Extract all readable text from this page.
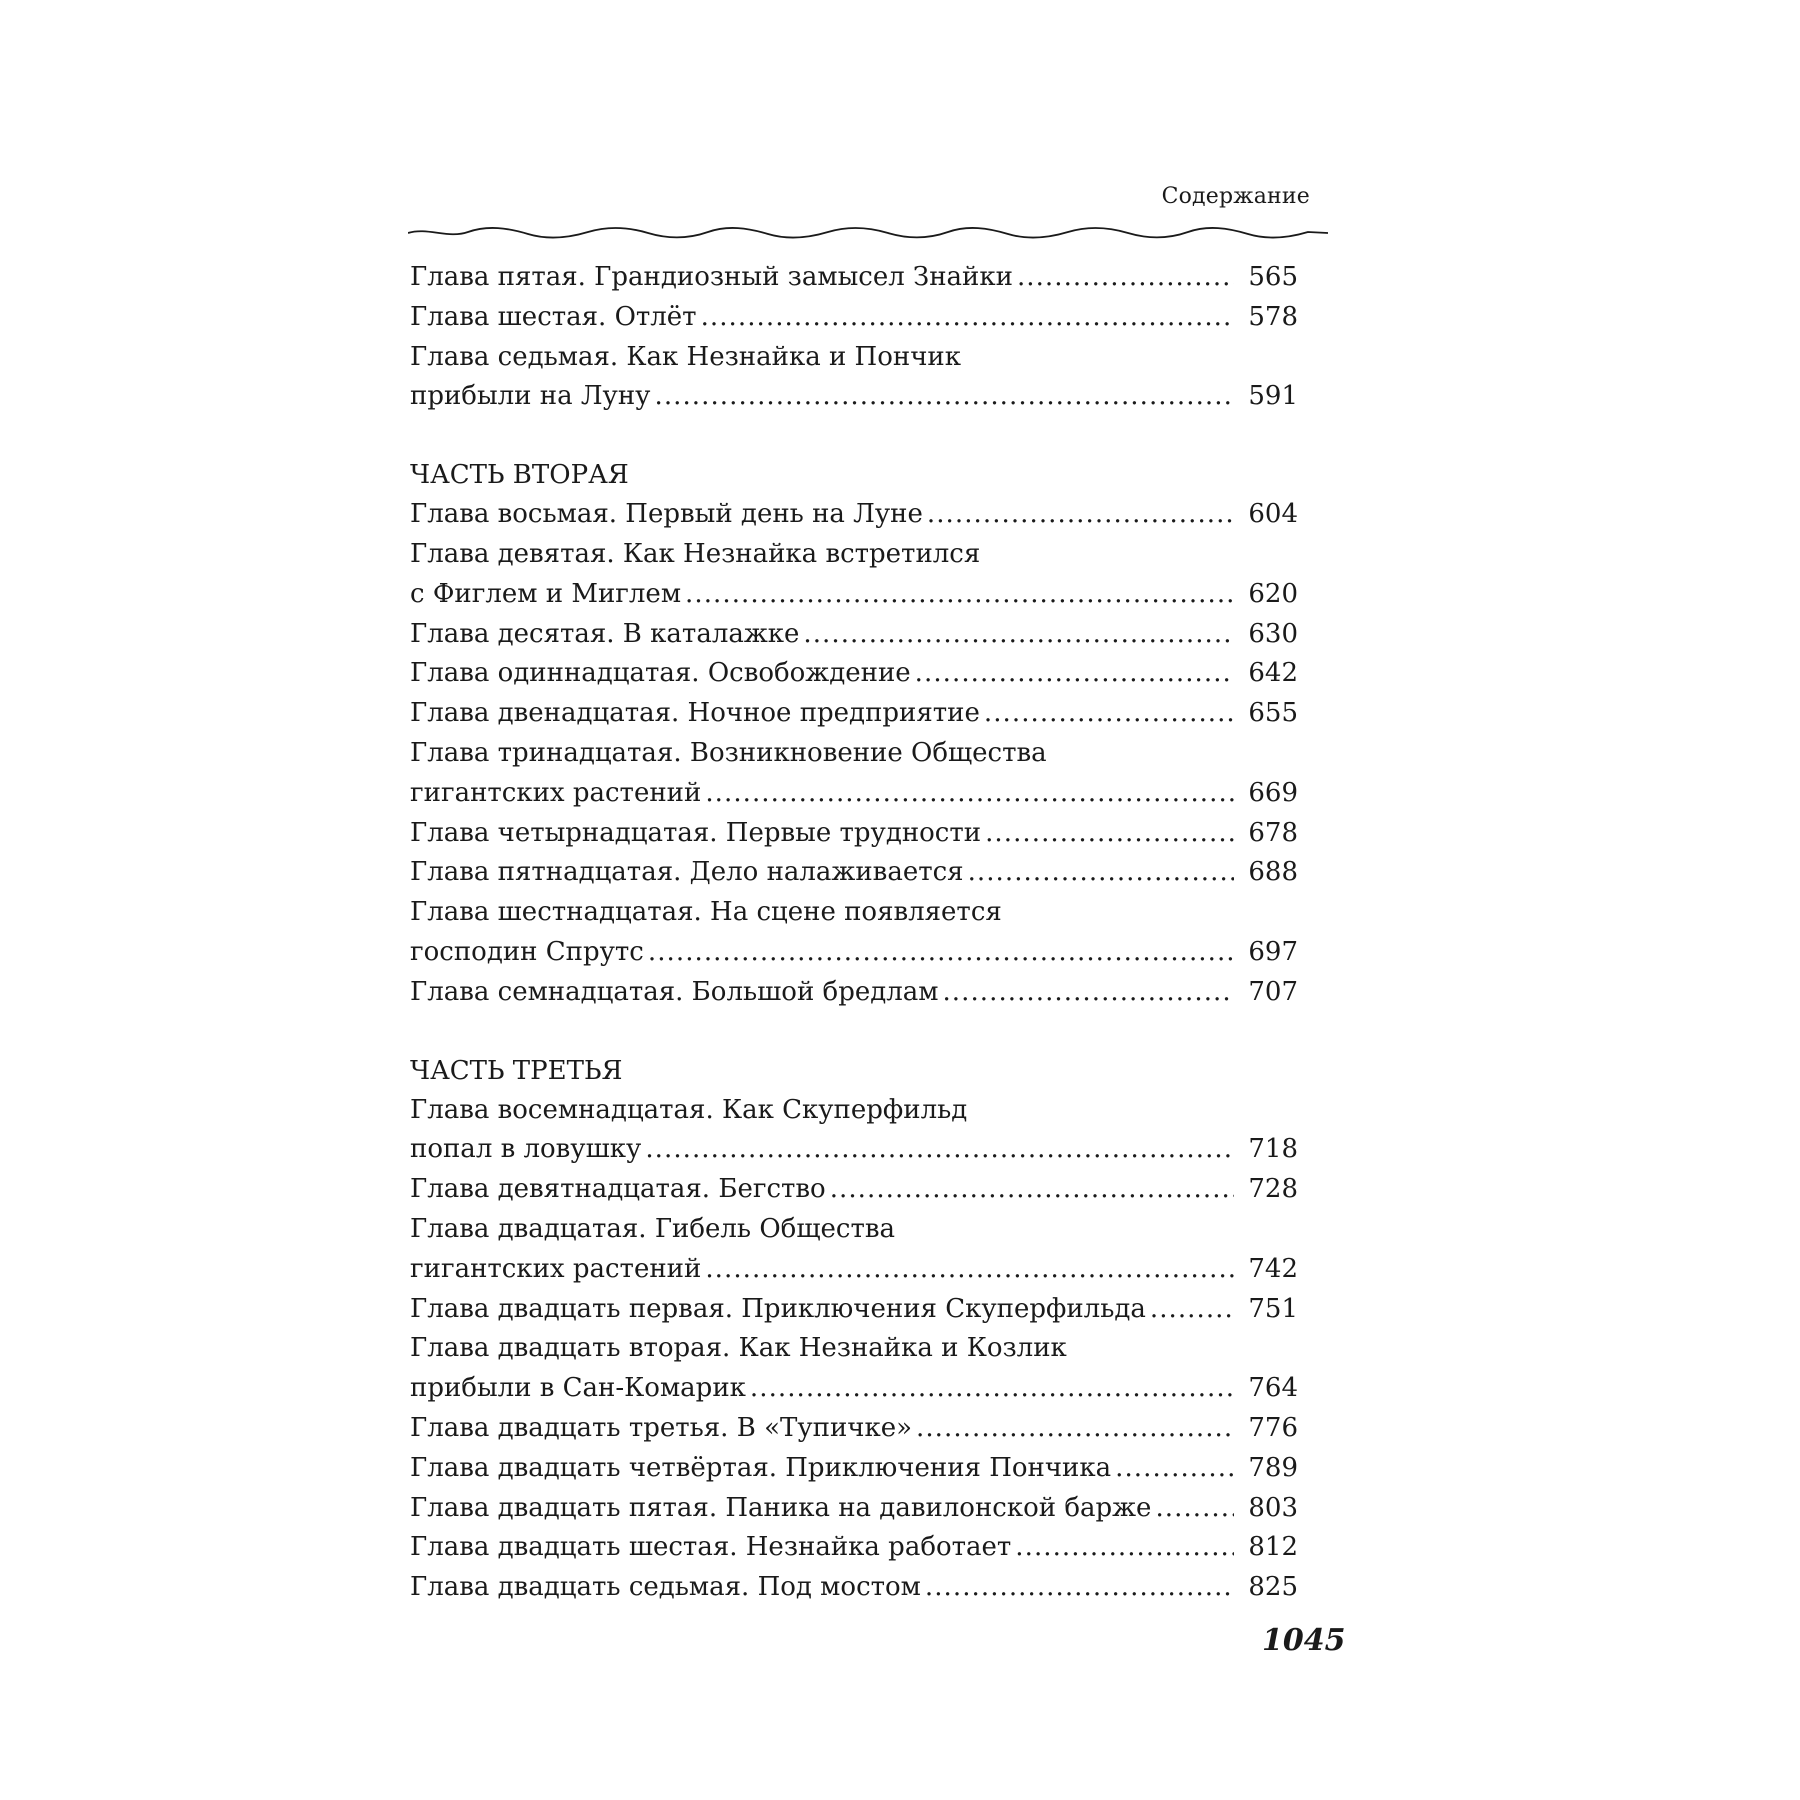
Содержание
Глава пятая. Грандиозный замысел Знайки . . .	565
Глава шестая. Отлёт . . .	578
Глава седьмая. Как Незнайка и Пончик
прибыли на Луну . . .	591
ЧАСТЬ ВТОРАЯ
Глава восьмая. Первый день на Луне . . .	604
Глава девятая. Как Незнайка встретился
с Фиглем и Миглем . . .	620
Глава десятая. В каталажке . . .	630
Глава одиннадцатая. Освобождение . . .	642
Глава двенадцатая. Ночное предприятие . . .	655
Глава тринадцатая. Возникновение Общества
гигантских растений . . .	669
Глава четырнадцатая. Первые трудности . . .	678
Глава пятнадцатая. Дело налаживается . . .	688
Глава шестнадцатая. На сцене появляется
господин Спрутс . . .	697
Глава семнадцатая. Большой бредлам . . .	707
ЧАСТЬ ТРЕТЬЯ
Глава восемнадцатая. Как Скуперфильд
попал в ловушку . . .	718
Глава девятнадцатая. Бегство . . .	728
Глава двадцатая. Гибель Общества
гигантских растений . . .	742
Глава двадцать первая. Приключения Скуперфильда . . .	751
Глава двадцать вторая. Как Незнайка и Козлик
прибыли в Сан-Комарик . . .	764
Глава двадцать третья. В «Тупичке» . . .	776
Глава двадцать четвёртая. Приключения Пончика . . .	789
Глава двадцать пятая. Паника на давилонской барже . . .	803
Глава двадцать шестая. Незнайка работает . . .	812
Глава двадцать седьмая. Под мостом . . .	825
1045
